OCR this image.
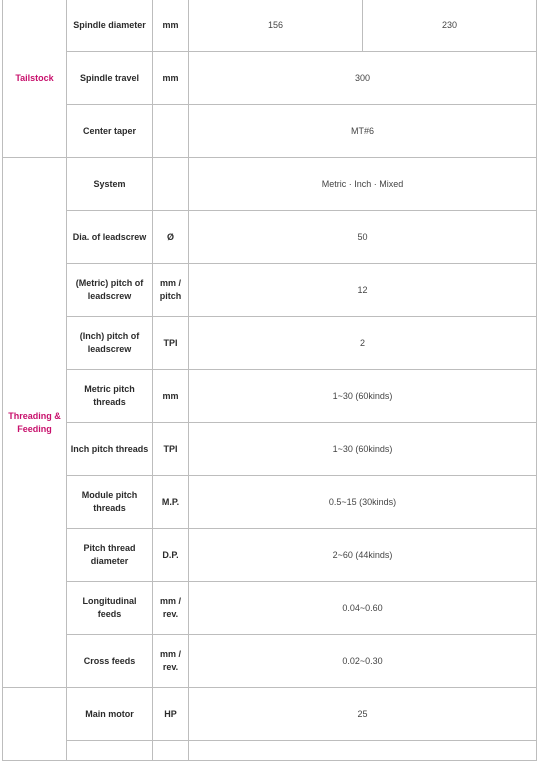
Tailstock	Spindle diameter	mm	156	230
	Spindle travel	mm	300	
	Center taper		MT#6	
Threading & Feeding	System		Metric · Inch · Mixed	
	Dia. of leadscrew	Ø	50	
	(Metric) pitch of leadscrew	mm / pitch	12	
	(Inch) pitch of leadscrew	TPI	2	
	Metric pitch threads	mm	1~30 (60kinds)	
	Inch pitch threads	TPI	1~30 (60kinds)	
	Module pitch threads	M.P.	0.5~15 (30kinds)	
	Pitch thread diameter	D.P.	2~60 (44kinds)	
	Longitudinal feeds	mm / rev.	0.04~0.60	
	Cross feeds	mm / rev.	0.02~0.30	
	Main motor	HP	25	
